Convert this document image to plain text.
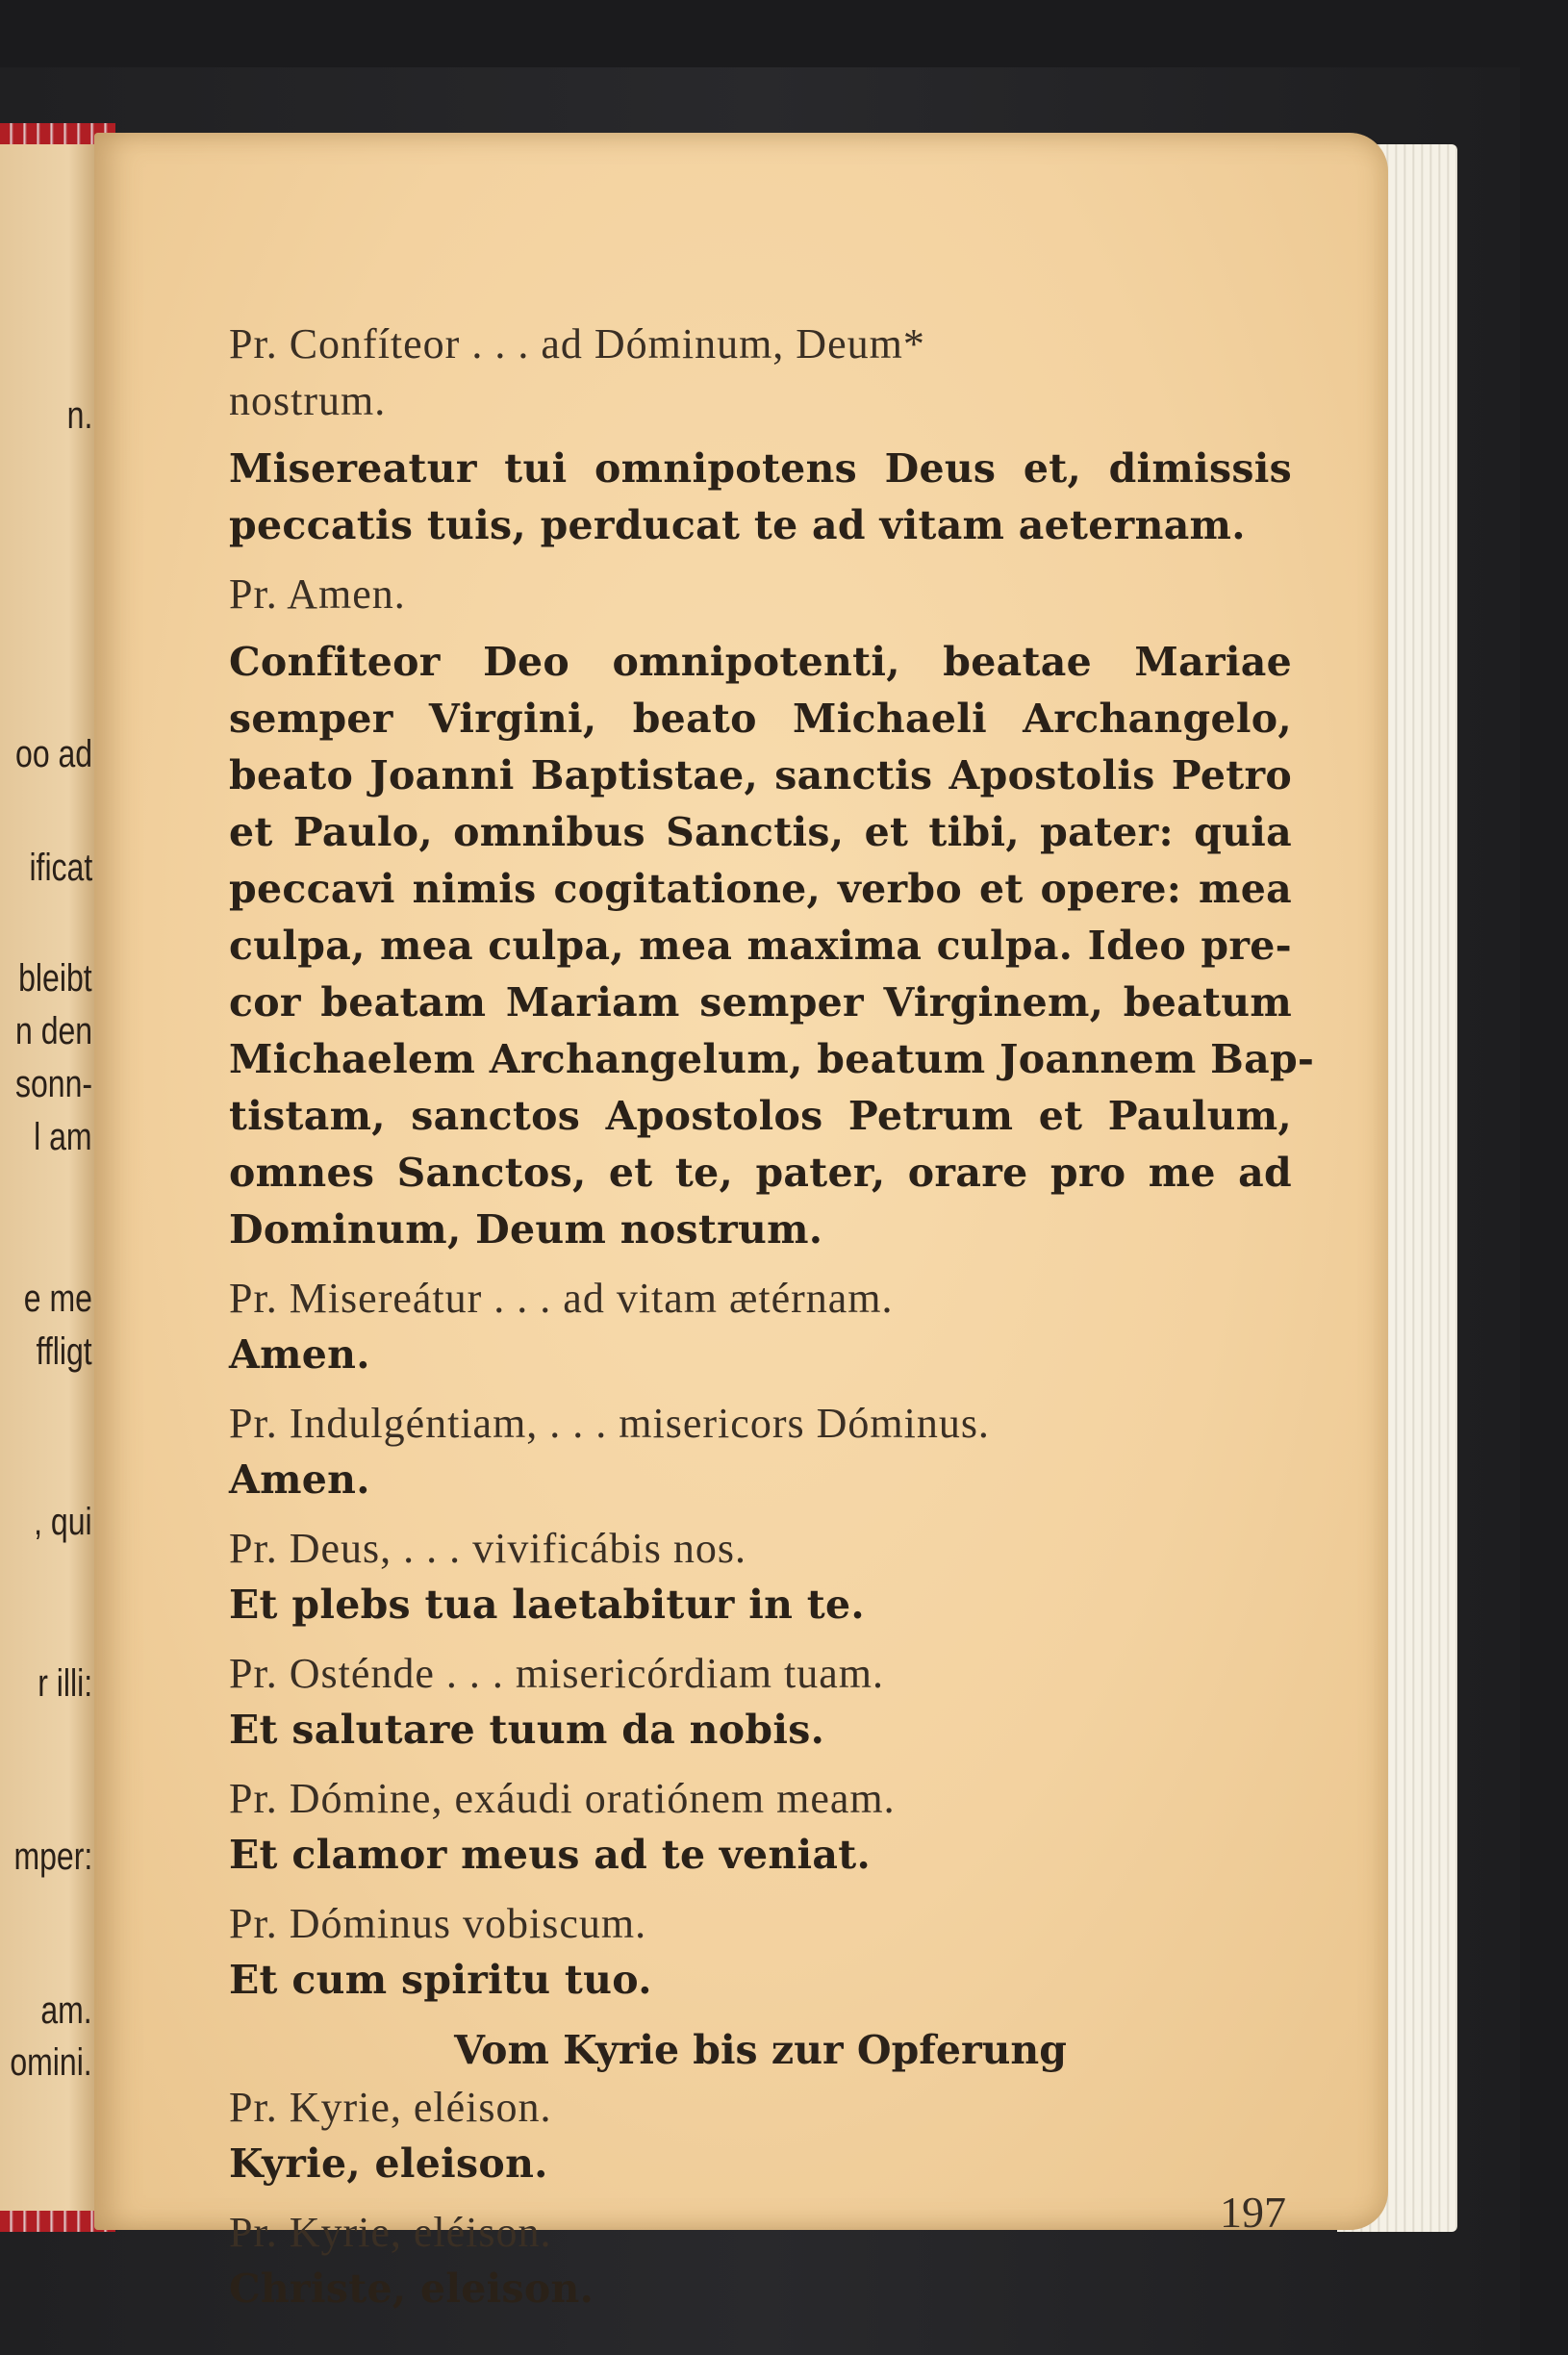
n.

oo ad

ificat

bleibt

n den

sonn-

l am

e me

ffligt

, qui

r illi:

mper:

am.

omini.

Pr. Confíteor . . . ad Dóminum, Deum*

nostrum.

Misereatur tui omnipotens Deus et, dimissis

peccatis tuis, perducat te ad vitam aeternam.

Pr. Amen.

Confiteor Deo omnipotenti, beatae Mariae

semper Virgini, beato Michaeli Archangelo,

beato Joanni Baptistae, sanctis Apostolis Petro

et Paulo, omnibus Sanctis, et tibi, pater: quia

peccavi nimis cogitatione, verbo et opere: mea

culpa, mea culpa, mea maxima culpa. Ideo pre-

cor beatam Mariam semper Virginem, beatum

Michaelem Archangelum, beatum Joannem Bap-

tistam, sanctos Apostolos Petrum et Paulum,

omnes Sanctos, et te, pater, orare pro me ad

Dominum, Deum nostrum.

Pr. Misereátur . . . ad vitam ætérnam.

Amen.

Pr. Indulgéntiam, . . . misericors Dóminus.

Amen.

Pr. Deus, . . . vivificábis nos.

Et plebs tua laetabitur in te.

Pr. Osténde . . . misericórdiam tuam.

Et salutare tuum da nobis.

Pr. Dómine, exáudi oratiónem meam.

Et clamor meus ad te veniat.

Pr. Dóminus vobiscum.

Et cum spiritu tuo.

Vom Kyrie bis zur Opferung

Pr. Kyrie, eléison.

Kyrie, eleison.

Pr. Kyrie, eléison.

Christe, eleison.

197
